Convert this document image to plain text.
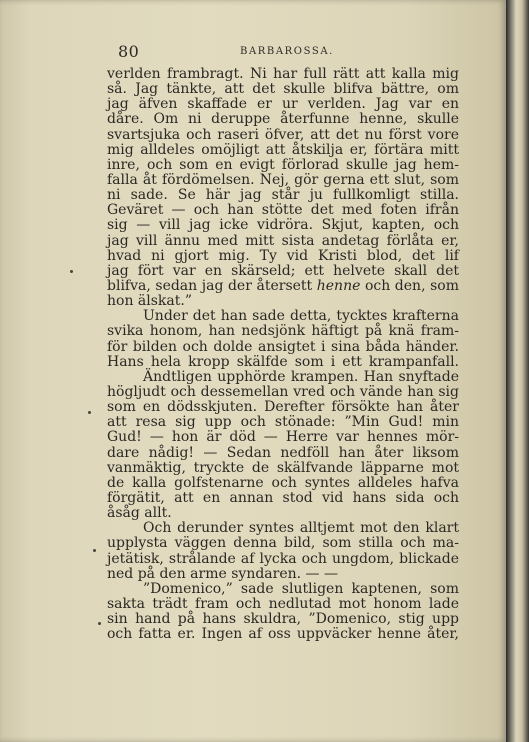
80	BARBAROSSA.
verlden frambragt. Ni har full rätt att kalla mig
så. Jag tänkte, att det skulle blifva bättre, om
jag äfven skaffade er ur verlden. Jag var en
dåre. Om ni deruppe återfunne henne, skulle
svartsjuka och raseri öfver, att det nu först vore
mig alldeles omöjligt att åtskilja er, förtära mitt
inre, och som en evigt förlorad skulle jag hem-
falla åt fördömelsen. Nej, gör gerna ett slut, som
ni sade. Se här jag står ju fullkomligt stilla.
Geväret — och han stötte det med foten ifrån
sig — vill jag icke vidröra. Skjut, kapten, och
jag vill ännu med mitt sista andetag förlåta er,
hvad ni gjort mig. Ty vid Kristi blod, det lif
jag fört var en skärseld; ett helvete skall det
blifva, sedan jag der återsett henne och den, som
hon älskat.”
Under det han sade detta, tycktes krafterna
svika honom, han nedsjönk häftigt på knä fram-
för bilden och dolde ansigtet i sina båda händer.
Hans hela kropp skälfde som i ett krampanfall.
Ändtligen upphörde krampen. Han snyftade
högljudt och dessemellan vred och vände han sig
som en dödsskjuten. Derefter försökte han åter
att resa sig upp och stönade: ”Min Gud! min
Gud! — hon är död — Herre var hennes mör-
dare nådig! — Sedan nedföll han åter liksom
vanmäktig, tryckte de skälfvande läpparne mot
de kalla golfstenarne och syntes alldeles hafva
förgätit, att en annan stod vid hans sida och
åsåg allt.
Och derunder syntes alltjemt mot den klart
upplysta väggen denna bild, som stilla och ma-
jetätisk, strålande af lycka och ungdom, blickade
ned på den arme syndaren. — —
”Domenico,” sade slutligen kaptenen, som
sakta trädt fram och nedlutad mot honom lade
sin hand på hans skuldra, ”Domenico, stig upp
och fatta er. Ingen af oss uppväcker henne åter,
